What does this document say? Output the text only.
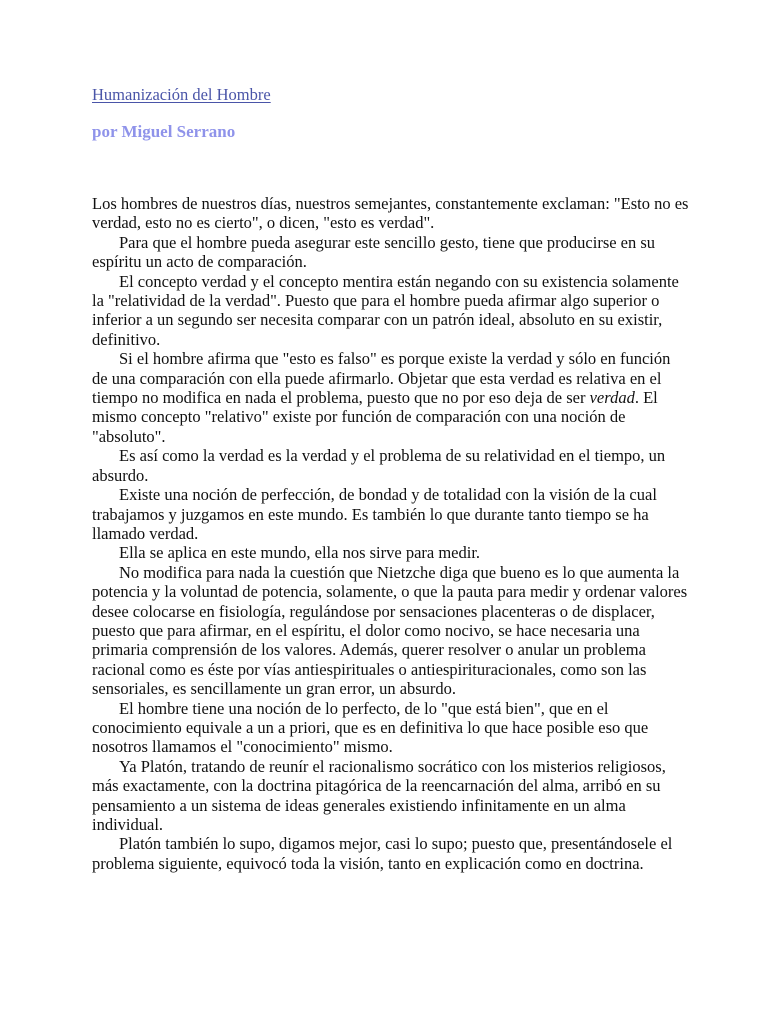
Humanización del Hombre
por Miguel Serrano

Los hombres de nuestros días, nuestros semejantes, constantemente exclaman: "Esto no es verdad, esto no es cierto", o dicen, "esto es verdad".

Para que el hombre pueda asegurar este sencillo gesto, tiene que producirse en su espíritu un acto de comparación.

El concepto verdad y el concepto mentira están negando con su existencia solamente la "relatividad de la verdad". Puesto que para el hombre pueda afirmar algo superior o inferior a un segundo ser necesita comparar con un patrón ideal, absoluto en su existir, definitivo.

Si el hombre afirma que "esto es falso" es porque existe la verdad y sólo en función de una comparación con ella puede afirmarlo. Objetar que esta verdad es relativa en el tiempo no modifica en nada el problema, puesto que no por eso deja de ser verdad. El mismo concepto "relativo" existe por función de comparación con una noción de "absoluto".

Es así como la verdad es la verdad y el problema de su relatividad en el tiempo, un absurdo.

Existe una noción de perfección, de bondad y de totalidad con la visión de la cual trabajamos y juzgamos en este mundo. Es también lo que durante tanto tiempo se ha llamado verdad.

Ella se aplica en este mundo, ella nos sirve para medir.

No modifica para nada la cuestión que Nietzche diga que bueno es lo que aumenta la potencia y la voluntad de potencia, solamente, o que la pauta para medir y ordenar valores desee colocarse en fisiología, regulándose por sensaciones placenteras o de displacer, puesto que para afirmar, en el espíritu, el dolor como nocivo, se hace necesaria una primaria comprensión de los valores. Además, querer resolver o anular un problema racional como es éste por vías antiespirituales o antiespirituracionales, como son las sensoriales, es sencillamente un gran error, un absurdo.

El hombre tiene una noción de lo perfecto, de lo "que está bien", que en el conocimiento equivale a un a priori, que es en definitiva lo que hace posible eso que nosotros llamamos el "conocimiento" mismo.

Ya Platón, tratando de reunír el racionalismo socrático con los misterios religiosos, más exactamente, con la doctrina pitagórica de la reencarnación del alma, arribó en su pensamiento a un sistema de ideas generales existiendo infinitamente en un alma individual.

Platón también lo supo, digamos mejor, casi lo supo; puesto que, presentándosele el problema siguiente, equivocó toda la visión, tanto en explicación como en doctrina.
